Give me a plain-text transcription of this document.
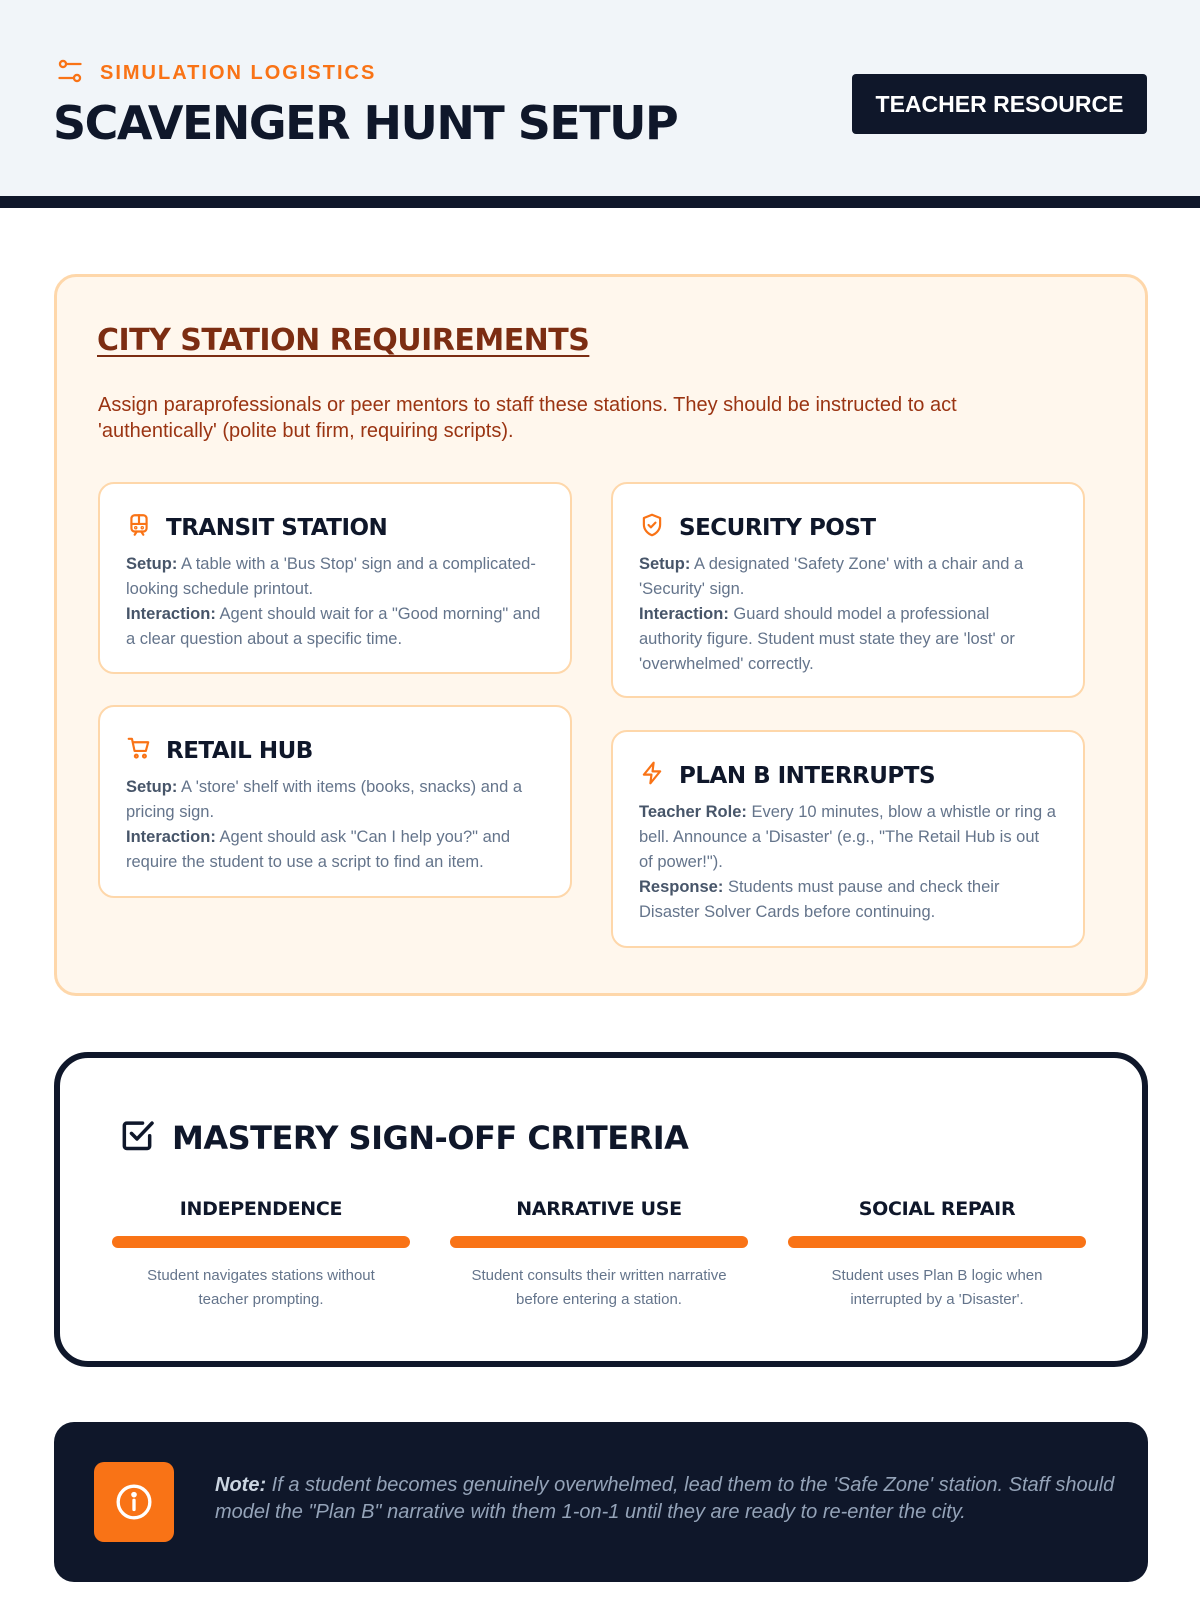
SIMULATION LOGISTICS
SCAVENGER HUNT SETUP	TEACHER RESOURCE
CITY STATION REQUIREMENTS

Assign paraprofessionals or peer mentors to staff these stations. They should be instructed to act 'authentically' (polite but firm, requiring scripts).

TRANSIT STATION

Setup: A table with a 'Bus Stop' sign and a complicated-looking schedule printout.

Interaction: Agent should wait for a "Good morning" and a clear question about a specific time.

SECURITY POST

Setup: A designated 'Safety Zone' with a chair and a 'Security' sign.

Interaction: Guard should model a professional authority figure. Student must state they are 'lost' or 'overwhelmed' correctly.

RETAIL HUB

Setup: A 'store' shelf with items (books, snacks) and a pricing sign.

Interaction: Agent should ask "Can I help you?" and require the student to use a script to find an item.

PLAN B INTERRUPTS

Teacher Role: Every 10 minutes, blow a whistle or ring a bell. Announce a 'Disaster' (e.g., "The Retail Hub is out of power!").

Response: Students must pause and check their Disaster Solver Cards before continuing.

MASTERY SIGN-OFF CRITERIA
INDEPENDENCE
Student navigates stations without teacher prompting.
NARRATIVE USE
Student consults their written narrative before entering a station.
SOCIAL REPAIR
Student uses Plan B logic when interrupted by a 'Disaster'.

Note: If a student becomes genuinely overwhelmed, lead them to the 'Safe Zone' station. Staff should model the "Plan B" narrative with them 1-on-1 until they are ready to re-enter the city.
